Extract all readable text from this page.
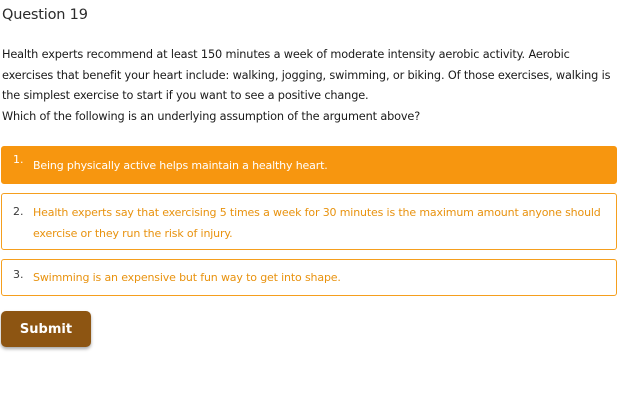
Question 19

Health experts recommend at least 150 minutes a week of moderate intensity aerobic activity. Aerobic exercises that benefit your heart include: walking, jogging, swimming, or biking. Of those exercises, walking is the simplest exercise to start if you want to see a positive change.

Which of the following is an underlying assumption of the argument above?

1. Being physically active helps maintain a healthy heart.
2. Health experts say that exercising 5 times a week for 30 minutes is the maximum amount anyone should exercise or they run the risk of injury.
3. Swimming is an expensive but fun way to get into shape.
Submit
